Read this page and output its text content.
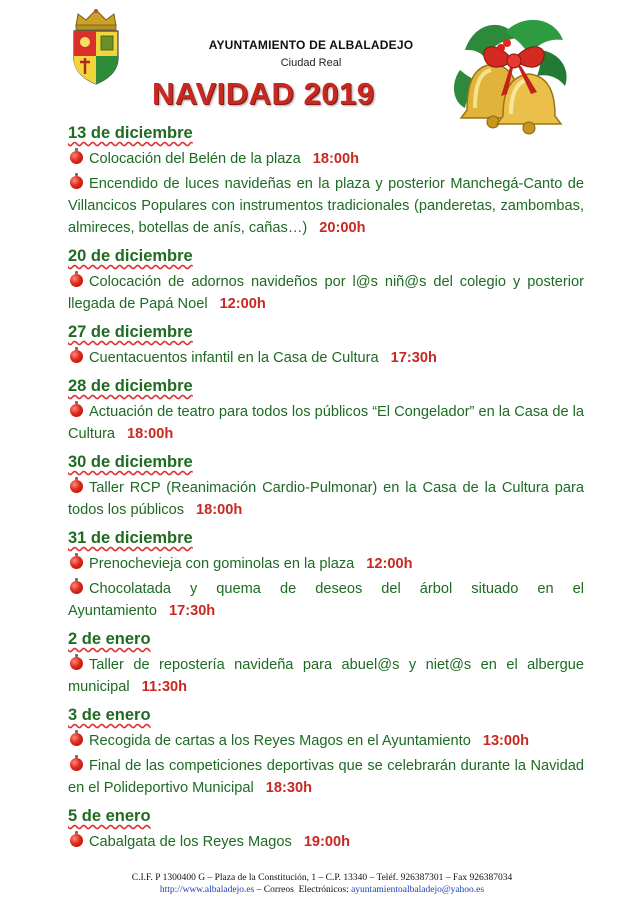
AYUNTAMIENTO DE ALBALADEJO
Ciudad Real
NAVIDAD 2019
13 de diciembre
Colocación del Belén de la plaza 18:00h
Encendido de luces navideñas en la plaza y posterior Manchegá-Canto de Villancicos Populares con instrumentos tradicionales (panderetas, zambombas, almireces, botellas de anís, cañas…) 20:00h
20 de diciembre
Colocación de adornos navideños por l@s niñ@s del colegio y posterior llegada de Papá Noel 12:00h
27 de diciembre
Cuentacuentos infantil en la Casa de Cultura 17:30h
28 de diciembre
Actuación de teatro para todos los públicos “El Congelador” en la Casa de la Cultura 18:00h
30 de diciembre
Taller RCP (Reanimación Cardio-Pulmonar) en la Casa de la Cultura para todos los públicos 18:00h
31 de diciembre
Prenochevieja con gominolas en la plaza 12:00h
Chocolatada y quema de deseos del árbol situado en el Ayuntamiento 17:30h
2 de enero
Taller de repostería navideña para abuel@s y niet@s en el albergue municipal 11:30h
3 de enero
Recogida de cartas a los Reyes Magos en el Ayuntamiento 13:00h
Final de las competiciones deportivas que se celebrarán durante la Navidad en el Polideportivo Municipal 18:30h
5 de enero
Cabalgata de los Reyes Magos 19:00h
C.I.F. P 1300400 G – Plaza de la Constitución, 1 – C.P. 13340 – Teléf. 926387301 – Fax 926387034
http://www.albaladejo.es – Correos  Electrónicos: ayuntamientoalbaladejo@yahoo.es
